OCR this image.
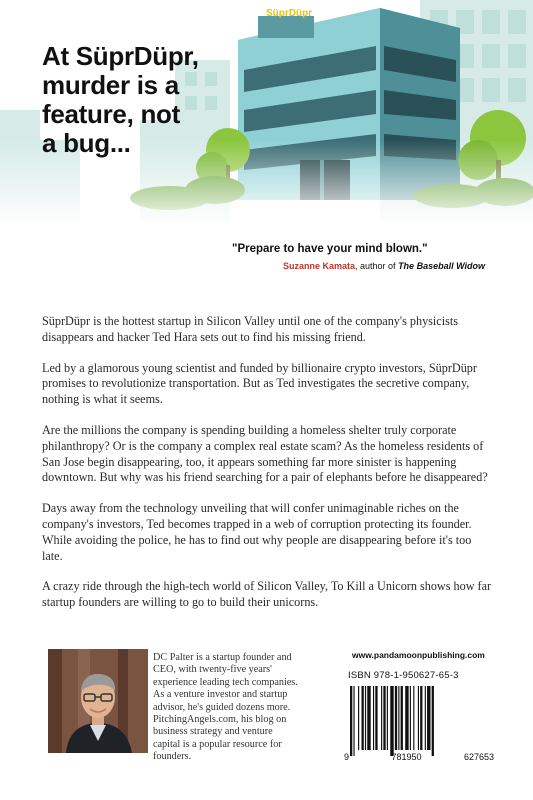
SüprDüpr
At SüprDüpr,
murder is a
feature, not
a bug...
"Prepare to have your mind blown."
Suzanne Kamata, author of The Baseball Widow

SüprDüpr is the hottest startup in Silicon Valley until one of the company's physicists disappears and hacker Ted Hara sets out to find his missing friend.

Led by a glamorous young scientist and funded by billionaire crypto investors, SüprDüpr promises to revolutionize transportation. But as Ted investigates the secretive company, nothing is what it seems.

Are the millions the company is spending building a homeless shelter truly corporate philanthropy? Or is the company a complex real estate scam? As the homeless residents of San Jose begin disappearing, too, it appears something far more sinister is happening downtown. But why was his friend searching for a pair of elephants before he disappeared?

Days away from the technology unveiling that will confer unimaginable riches on the company's investors, Ted becomes trapped in a web of corruption protecting its founder. While avoiding the police, he has to find out why people are disappearing before it's too late.

A crazy ride through the high-tech world of Silicon Valley, To Kill a Unicorn shows how far startup founders are willing to go to build their unicorns.

DC Palter is a startup founder and CEO, with twenty-five years' experience leading tech companies. As a venture investor and startup advisor, he's guided dozens more. PitchingAngels.com, his blog on business strategy and venture capital is a popular resource for founders.
www.pandamoonpublishing.com
ISBN 978-1-950627-65-3
9	781950	627653
